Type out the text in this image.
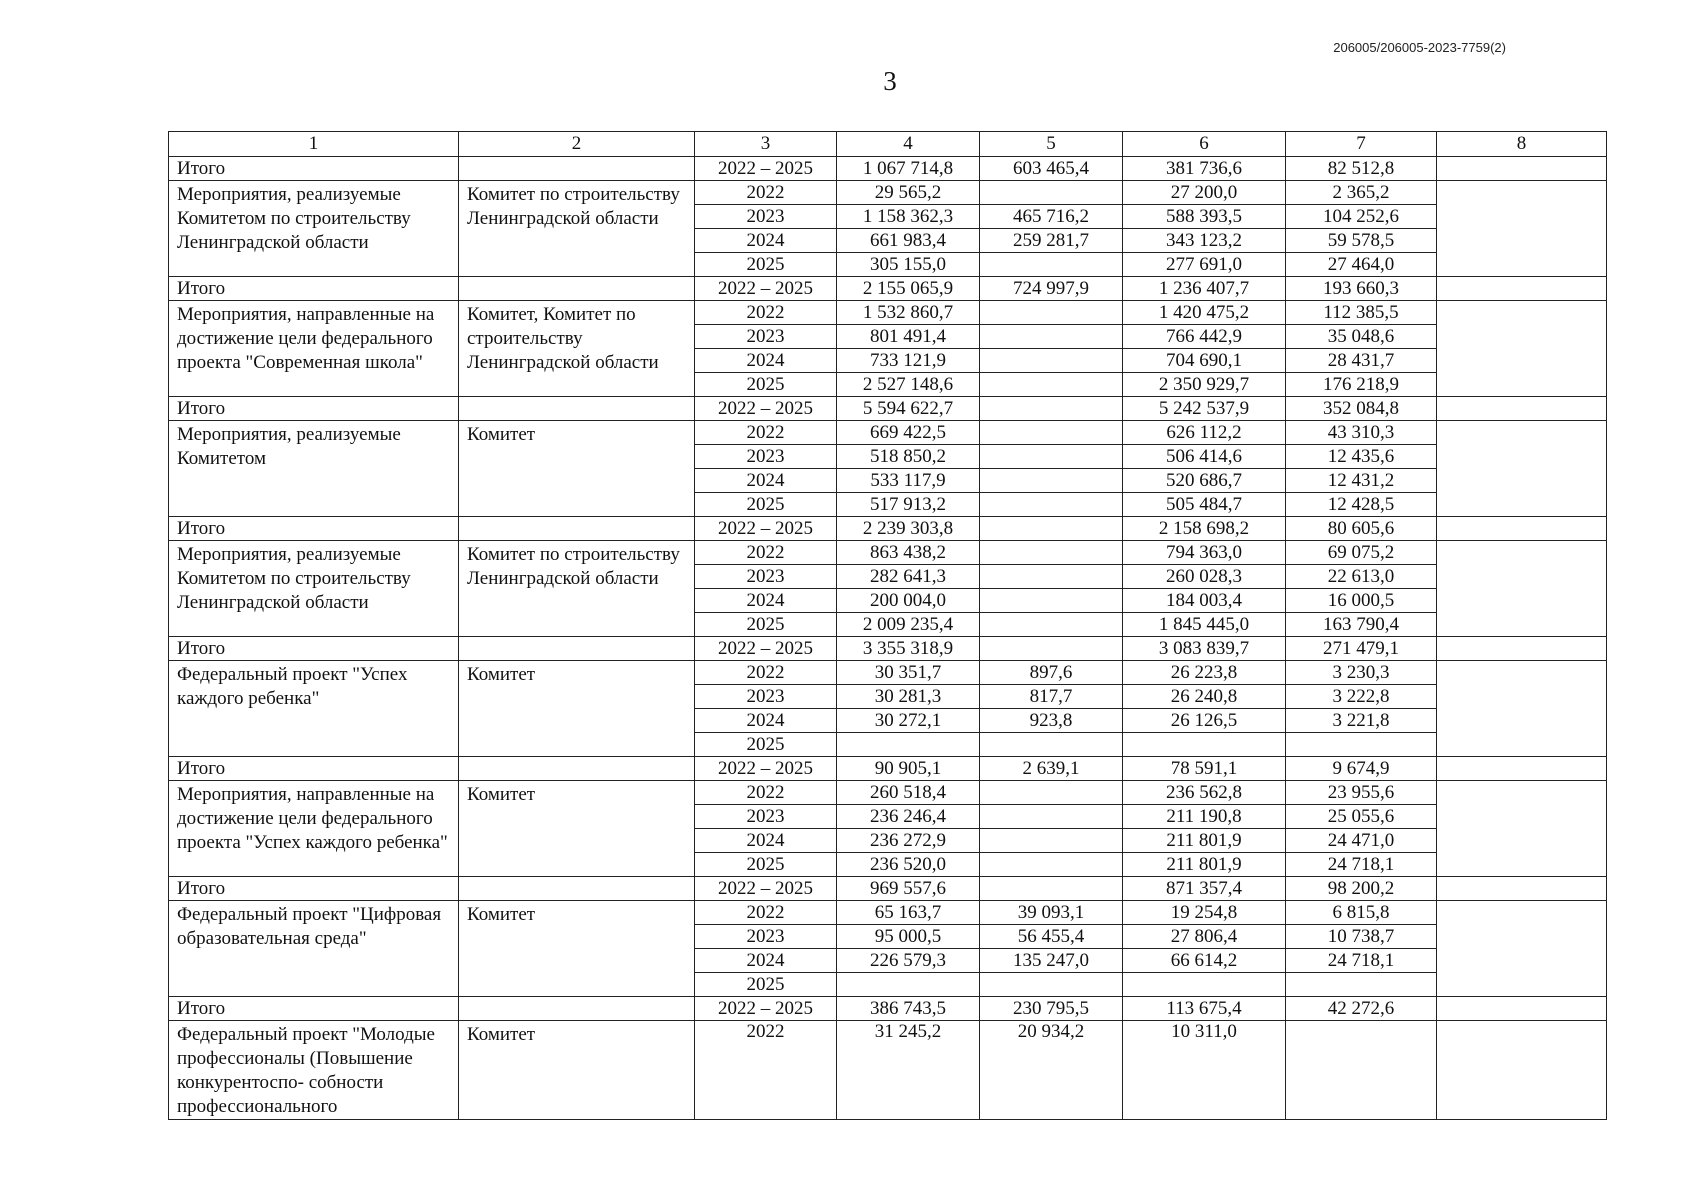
206005/206005-2023-7759(2)
3
1	2	3	4	5	6	7	8
Итого		2022 – 2025	1 067 714,8	603 465,4	381 736,6	82 512,8	
Мероприятия, реализуемые Комитетом по строительству Ленинградской области	Комитет по строительству Ленинградской области	2022	29 565,2		27 200,0	2 365,2	
		2023	1 158 362,3	465 716,2	588 393,5	104 252,6	
		2024	661 983,4	259 281,7	343 123,2	59 578,5	
		2025	305 155,0		277 691,0	27 464,0	
Итого		2022 – 2025	2 155 065,9	724 997,9	1 236 407,7	193 660,3	
Мероприятия, направленные на достижение цели федерального проекта "Современная школа"	Комитет, Комитет по строительству Ленинградской области	2022	1 532 860,7		1 420 475,2	112 385,5	
		2023	801 491,4		766 442,9	35 048,6	
		2024	733 121,9		704 690,1	28 431,7	
		2025	2 527 148,6		2 350 929,7	176 218,9	
Итого		2022 – 2025	5 594 622,7		5 242 537,9	352 084,8	
Мероприятия, реализуемые Комитетом	Комитет	2022	669 422,5		626 112,2	43 310,3	
		2023	518 850,2		506 414,6	12 435,6	
		2024	533 117,9		520 686,7	12 431,2	
		2025	517 913,2		505 484,7	12 428,5	
Итого		2022 – 2025	2 239 303,8		2 158 698,2	80 605,6	
Мероприятия, реализуемые Комитетом по строительству Ленинградской области	Комитет по строительству Ленинградской области	2022	863 438,2		794 363,0	69 075,2	
		2023	282 641,3		260 028,3	22 613,0	
		2024	200 004,0		184 003,4	16 000,5	
		2025	2 009 235,4		1 845 445,0	163 790,4	
Итого		2022 – 2025	3 355 318,9		3 083 839,7	271 479,1	
Федеральный проект "Успех каждого ребенка"	Комитет	2022	30 351,7	897,6	26 223,8	3 230,3	
		2023	30 281,3	817,7	26 240,8	3 222,8	
		2024	30 272,1	923,8	26 126,5	3 221,8	
		2025					
Итого		2022 – 2025	90 905,1	2 639,1	78 591,1	9 674,9	
Мероприятия, направленные на достижение цели федерального проекта "Успех каждого ребенка"	Комитет	2022	260 518,4		236 562,8	23 955,6	
		2023	236 246,4		211 190,8	25 055,6	
		2024	236 272,9		211 801,9	24 471,0	
		2025	236 520,0		211 801,9	24 718,1	
Итого		2022 – 2025	969 557,6		871 357,4	98 200,2	
Федеральный проект "Цифровая образовательная среда"	Комитет	2022	65 163,7	39 093,1	19 254,8	6 815,8	
		2023	95 000,5	56 455,4	27 806,4	10 738,7	
		2024	226 579,3	135 247,0	66 614,2	24 718,1	
		2025					
Итого		2022 – 2025	386 743,5	230 795,5	113 675,4	42 272,6	
Федеральный проект "Молодые профессионалы (Повышение конкурентоспо- собности профессионального	Комитет	2022	31 245,2	20 934,2	10 311,0		
